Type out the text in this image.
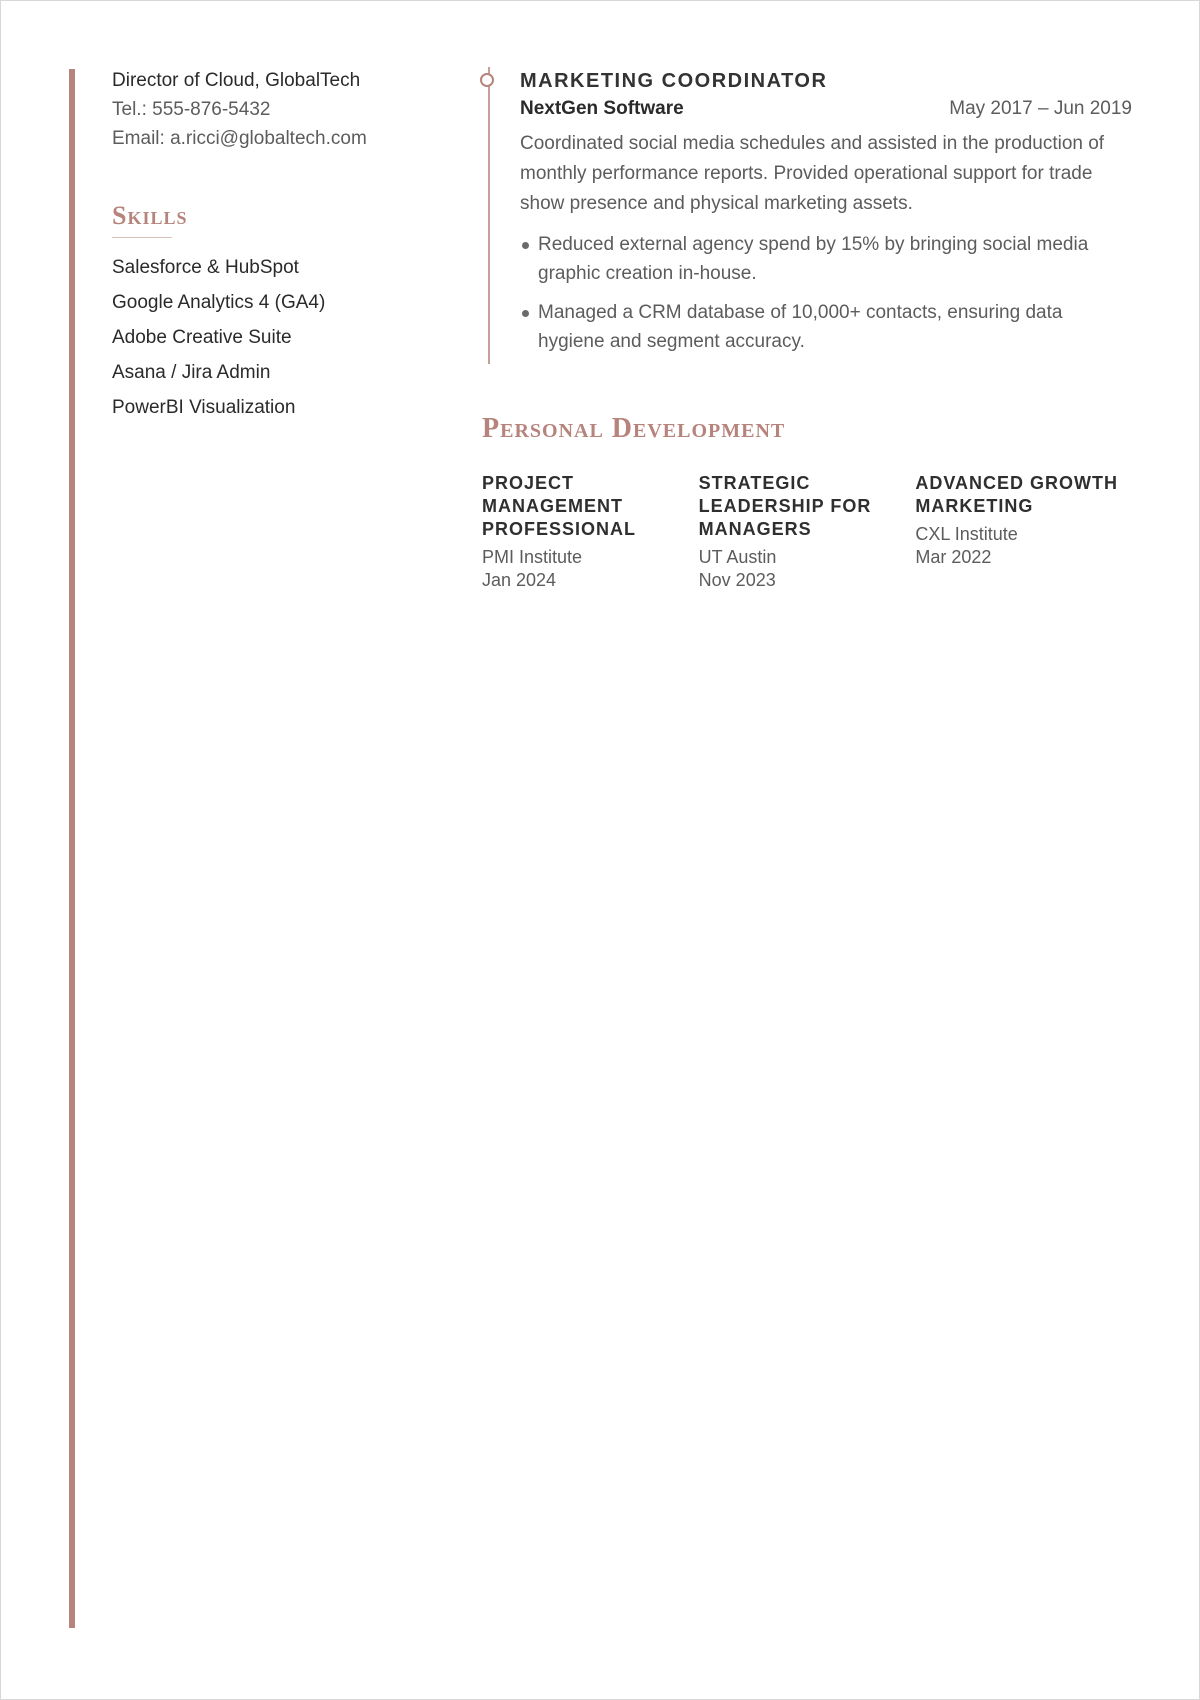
Director of Cloud, GlobalTech
Tel.: 555-876-5432
Email: a.ricci@globaltech.com
Skills
Salesforce & HubSpot
Google Analytics 4 (GA4)
Adobe Creative Suite
Asana / Jira Admin
PowerBI Visualization
MARKETING COORDINATOR
NextGen Software	May 2017 – Jun 2019

Coordinated social media schedules and assisted in the production of monthly performance reports. Provided operational support for trade show presence and physical marketing assets.

Reduced external agency spend by 15% by bringing social media graphic creation in-house.
Managed a CRM database of 10,000+ contacts, ensuring data hygiene and segment accuracy.
Personal Development
PROJECT MANAGEMENT PROFESSIONAL
PMI Institute
Jan 2024
STRATEGIC LEADERSHIP FOR MANAGERS
UT Austin
Nov 2023
ADVANCED GROWTH MARKETING
CXL Institute
Mar 2022
